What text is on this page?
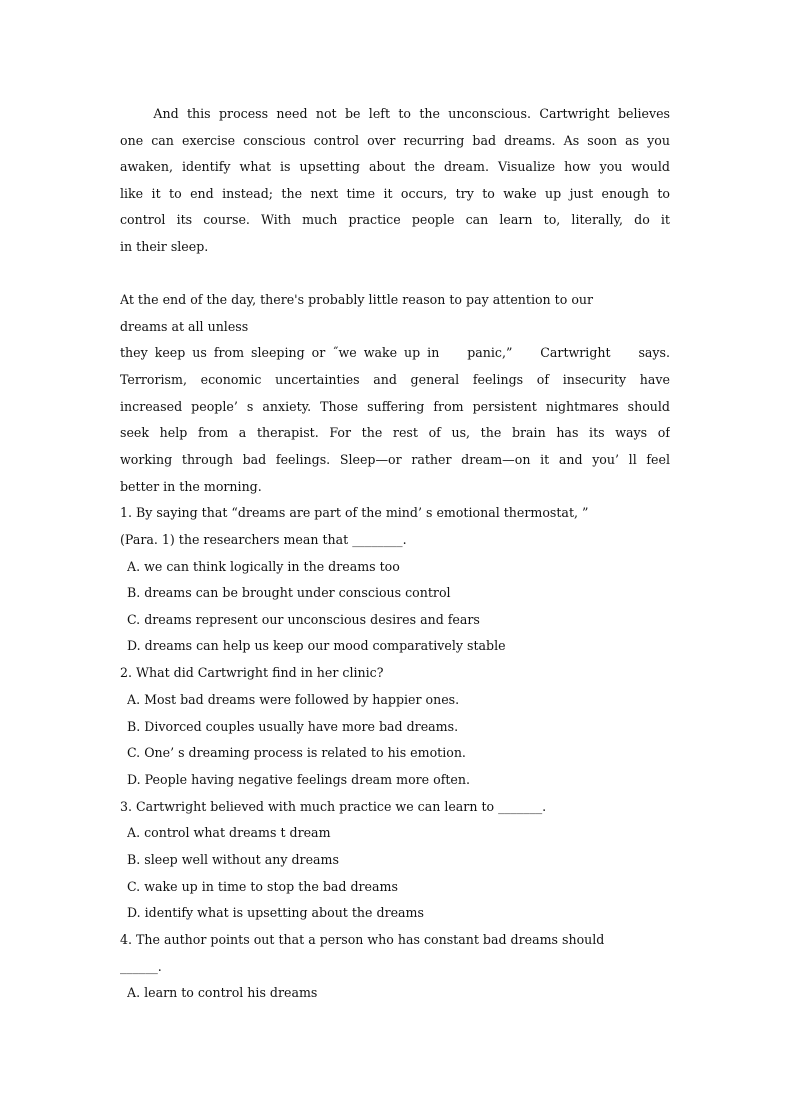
And this process need not be left to the unconscious. Cartwright believes
one can exercise conscious control over recurring bad dreams. As soon as you
awaken, identify what is upsetting about the dream. Visualize how you would
like it to end instead; the next time it occurs, try to wake up just enough to
control its course. With much practice people can learn to, literally, do it
in their sleep.
At the end of the day, there's probably little reason to pay attention to our
dreams at all unless
they keep us from sleeping or ˝we wake up in    panic,”    Cartwright    says.
Terrorism, economic uncertainties and general feelings of insecurity have
increased people’ s anxiety. Those suffering from persistent nightmares should
seek help from a therapist. For the rest of us, the brain has its ways of
working through bad feelings. Sleep—or rather dream—on it and you’ ll feel
better in the morning.
1. By saying that “dreams are part of the mind’ s emotional thermostat, ”
(Para. 1) the researchers mean that ________.
A. we can think logically in the dreams too
B. dreams can be brought under conscious control
C. dreams represent our unconscious desires and fears
D. dreams can help us keep our mood comparatively stable
2. What did Cartwright find in her clinic?
A. Most bad dreams were followed by happier ones.
B. Divorced couples usually have more bad dreams.
C. One’ s dreaming process is related to his emotion.
D. People having negative feelings dream more often.
3. Cartwright believed with much practice we can learn to _______.
A. control what dreams t dream
B. sleep well without any dreams
C. wake up in time to stop the bad dreams
D. identify what is upsetting about the dreams
4. The author points out that a person who has constant bad dreams should
______.
A. learn to control his dreams
